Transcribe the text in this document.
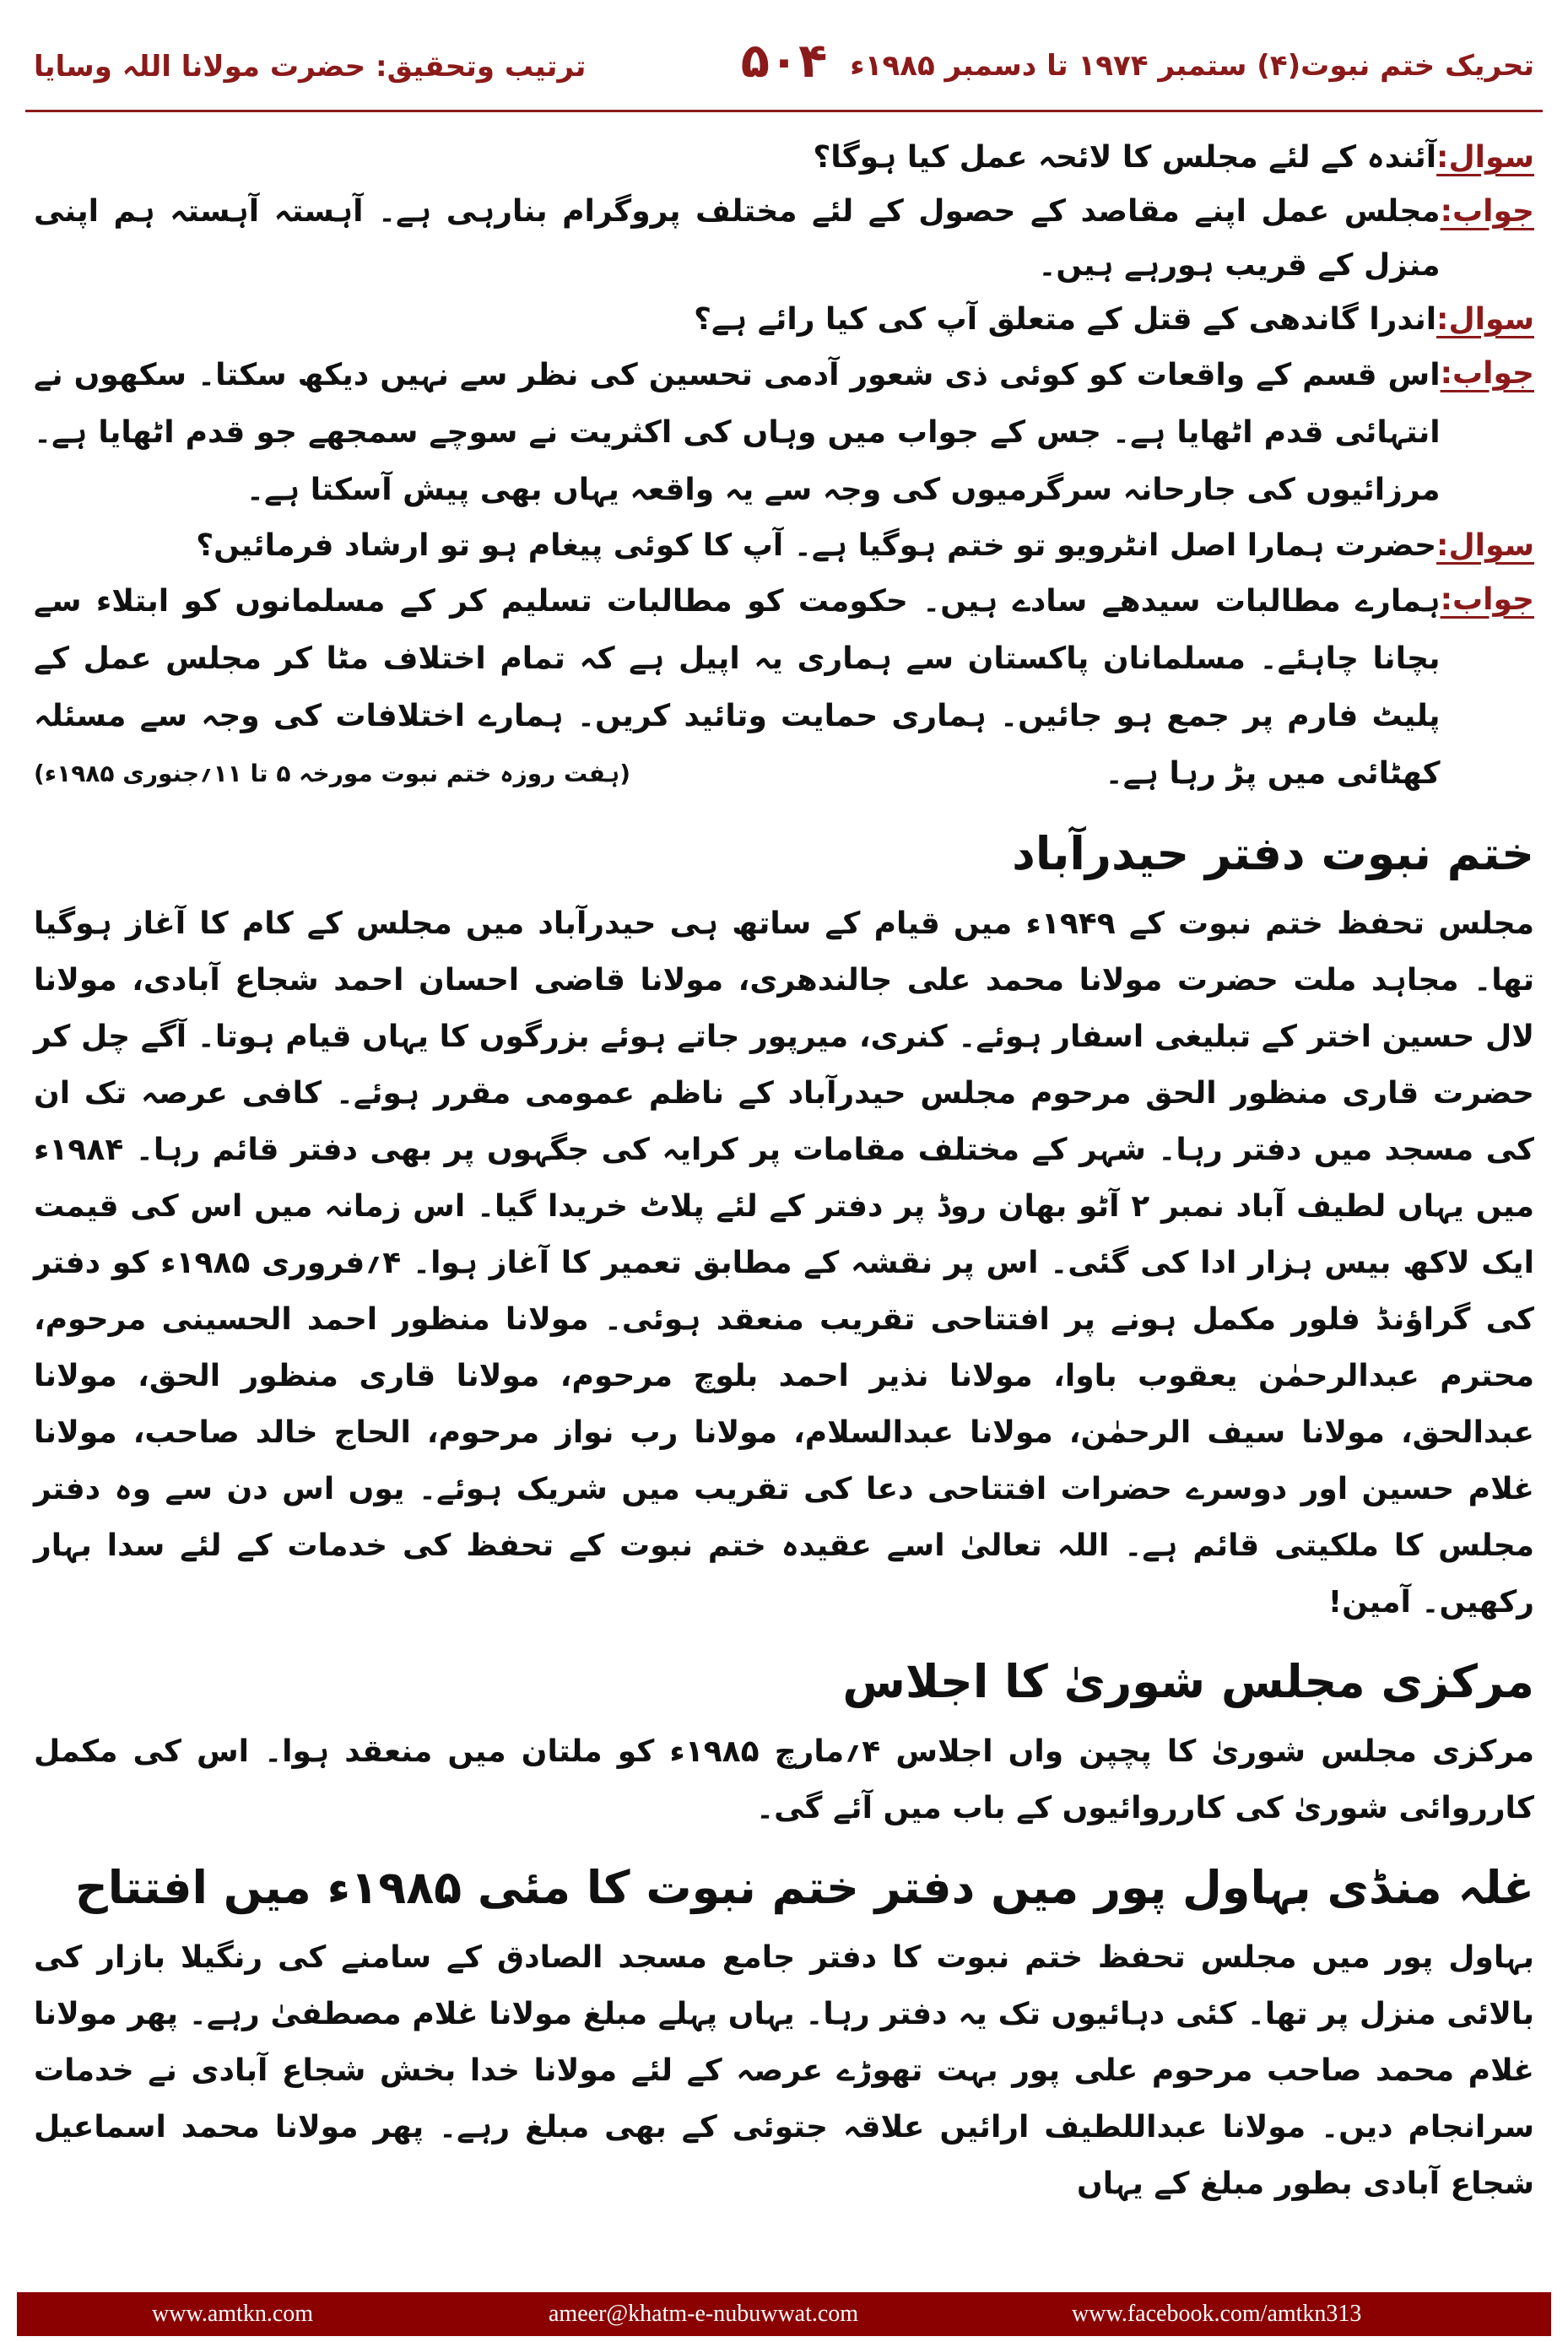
ترتیب وتحقیق: حضرت مولانا اللہ وسایا	۵۰۴ تحریک ختم نبوت(۴) ستمبر ۱۹۷۴ تا دسمبر ۱۹۸۵ء
سوال:
آئندہ کے لئے مجلس کا لائحہ عمل کیا ہوگا؟
جواب:
مجلس عمل اپنے مقاصد کے حصول کے لئے مختلف پروگرام بنارہی ہے۔ آہستہ آہستہ ہم اپنی منزل کے قریب ہورہے ہیں۔
سوال:
اندرا گاندھی کے قتل کے متعلق آپ کی کیا رائے ہے؟
جواب:
اس قسم کے واقعات کو کوئی ذی شعور آدمی تحسین کی نظر سے نہیں دیکھ سکتا۔ سکھوں نے انتہائی قدم اٹھایا ہے۔ جس کے جواب میں وہاں کی اکثریت نے سوچے سمجھے جو قدم اٹھایا ہے۔ مرزائیوں کی جارحانہ سرگرمیوں کی وجہ سے یہ واقعہ یہاں بھی پیش آسکتا ہے۔
سوال:
حضرت ہمارا اصل انٹرویو تو ختم ہوگیا ہے۔ آپ کا کوئی پیغام ہو تو ارشاد فرمائیں؟
جواب:
ہمارے مطالبات سیدھے سادے ہیں۔ حکومت کو مطالبات تسلیم کر کے مسلمانوں کو ابتلاء سے بچانا چاہئے۔ مسلمانان پاکستان سے ہماری یہ اپیل ہے کہ تمام اختلاف مٹا کر مجلس عمل کے پلیٹ فارم پر جمع ہو جائیں۔ ہماری حمایت وتائید کریں۔ ہمارے اختلافات کی وجہ سے مسئلہ کھٹائی میں پڑ رہا ہے۔
(ہفت روزہ ختم نبوت مورخہ ۵ تا ۱۱؍جنوری ۱۹۸۵ء)
ختم نبوت دفتر حیدرآباد

مجلس تحفظ ختم نبوت کے ۱۹۴۹ء میں قیام کے ساتھ ہی حیدرآباد میں مجلس کے کام کا آغاز ہوگیا تھا۔ مجاہد ملت حضرت مولانا محمد علی جالندھری، مولانا قاضی احسان احمد شجاع آبادی، مولانا لال حسین اختر کے تبلیغی اسفار ہوئے۔ کنری، میرپور جاتے ہوئے بزرگوں کا یہاں قیام ہوتا۔ آگے چل کر حضرت قاری منظور الحق مرحوم مجلس حیدرآباد کے ناظم عمومی مقرر ہوئے۔ کافی عرصہ تک ان کی مسجد میں دفتر رہا۔ شہر کے مختلف مقامات پر کرایہ کی جگہوں پر بھی دفتر قائم رہا۔ ۱۹۸۴ء میں یہاں لطیف آباد نمبر ۲ آٹو بھان روڈ پر دفتر کے لئے پلاٹ خریدا گیا۔ اس زمانہ میں اس کی قیمت ایک لاکھ بیس ہزار ادا کی گئی۔ اس پر نقشہ کے مطابق تعمیر کا آغاز ہوا۔ ۴؍فروری ۱۹۸۵ء کو دفتر کی گراؤنڈ فلور مکمل ہونے پر افتتاحی تقریب منعقد ہوئی۔ مولانا منظور احمد الحسینی مرحوم، محترم عبدالرحمٰن یعقوب باوا، مولانا نذیر احمد بلوچ مرحوم، مولانا قاری منظور الحق، مولانا عبدالحق، مولانا سیف الرحمٰن، مولانا عبدالسلام، مولانا رب نواز مرحوم، الحاج خالد صاحب، مولانا غلام حسین اور دوسرے حضرات افتتاحی دعا کی تقریب میں شریک ہوئے۔ یوں اس دن سے وہ دفتر مجلس کا ملکیتی قائم ہے۔ اللہ تعالیٰ اسے عقیدہ ختم نبوت کے تحفظ کی خدمات کے لئے سدا بہار رکھیں۔ آمین!

مرکزی مجلس شوریٰ کا اجلاس

مرکزی مجلس شوریٰ کا پچپن واں اجلاس ۴؍مارچ ۱۹۸۵ء کو ملتان میں منعقد ہوا۔ اس کی مکمل کارروائی شوریٰ کی کارروائیوں کے باب میں آئے گی۔

غلہ منڈی بہاول پور میں دفتر ختم نبوت کا مئی ۱۹۸۵ء میں افتتاح

بہاول پور میں مجلس تحفظ ختم نبوت کا دفتر جامع مسجد الصادق کے سامنے کی رنگیلا بازار کی بالائی منزل پر تھا۔ کئی دہائیوں تک یہ دفتر رہا۔ یہاں پہلے مبلغ مولانا غلام مصطفیٰ رہے۔ پھر مولانا غلام محمد صاحب مرحوم علی پور بہت تھوڑے عرصہ کے لئے مولانا خدا بخش شجاع آبادی نے خدمات سرانجام دیں۔ مولانا عبداللطیف ارائیں علاقہ جتوئی کے بھی مبلغ رہے۔ پھر مولانا محمد اسماعیل شجاع آبادی بطور مبلغ کے یہاں

www.amtkn.com	ameer@khatm-e-nubuwwat.com	www.facebook.com/amtkn313
